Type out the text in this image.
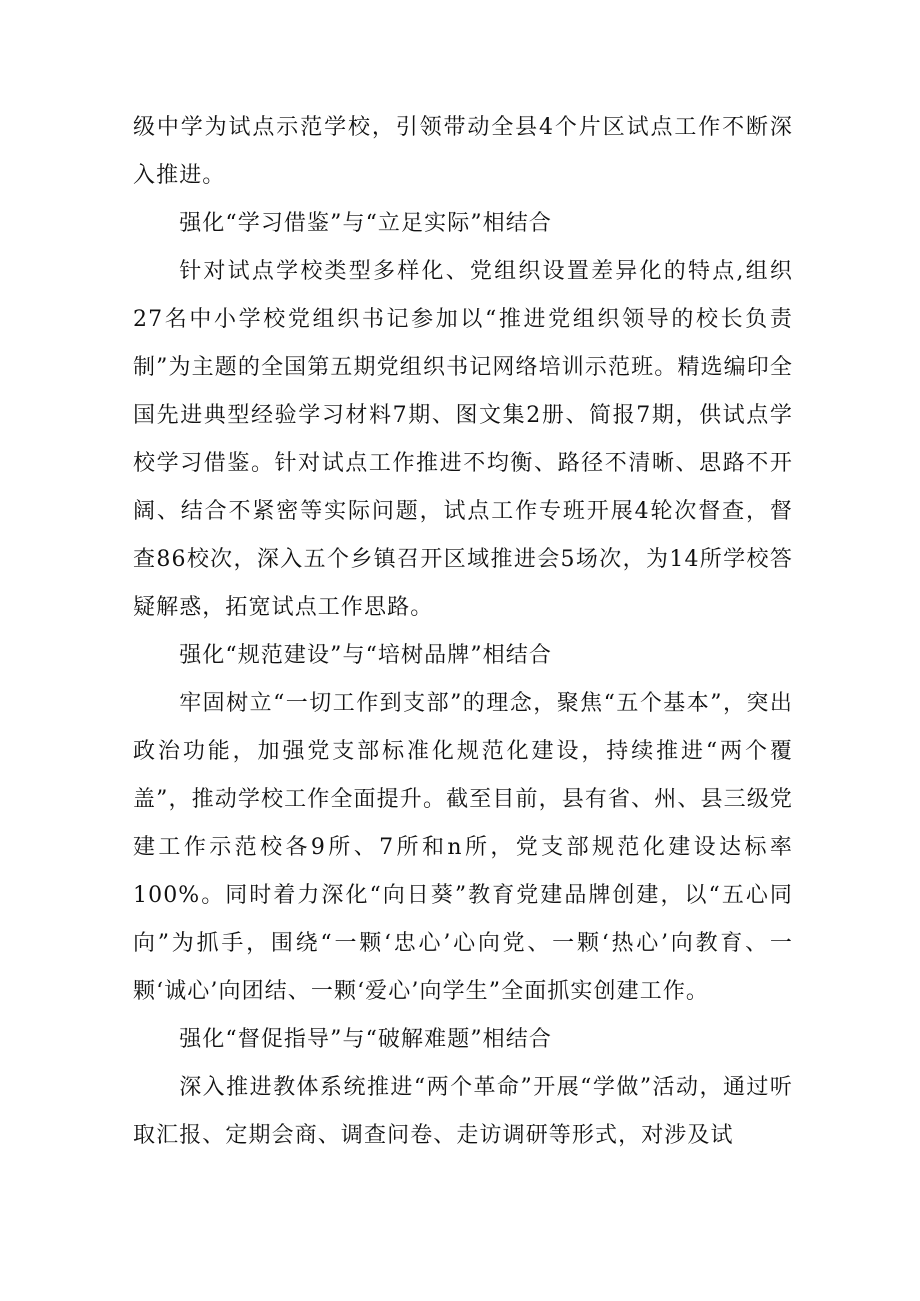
级中学为试点示范学校，引领带动全县4个片区试点工作不断深入推进。

强化“学习借鉴”与“立足实际”相结合

针对试点学校类型多样化、党组织设置差异化的特点,组织27名中小学校党组织书记参加以“推进党组织领导的校长负责制”为主题的全国第五期党组织书记网络培训示范班。精选编印全国先进典型经验学习材料7期、图文集2册、简报7期，供试点学校学习借鉴。针对试点工作推进不均衡、路径不清晰、思路不开阔、结合不紧密等实际问题，试点工作专班开展4轮次督查，督查86校次，深入五个乡镇召开区域推进会5场次，为14所学校答疑解惑，拓宽试点工作思路。

强化“规范建设”与“培树品牌”相结合

牢固树立“一切工作到支部”的理念，聚焦“五个基本”，突出政治功能，加强党支部标准化规范化建设，持续推进“两个覆盖”，推动学校工作全面提升。截至目前，县有省、州、县三级党建工作示范校各9所、7所和n所，党支部规范化建设达标率100%。同时着力深化“向日葵”教育党建品牌创建，以“五心同向”为抓手，围绕“一颗‘忠心’心向党、一颗‘热心’向教育、一颗‘诚心’向团结、一颗‘爱心’向学生”全面抓实创建工作。

强化“督促指导”与“破解难题”相结合

深入推进教体系统推进“两个革命”开展“学做”活动，通过听取汇报、定期会商、调查问卷、走访调研等形式，对涉及试
